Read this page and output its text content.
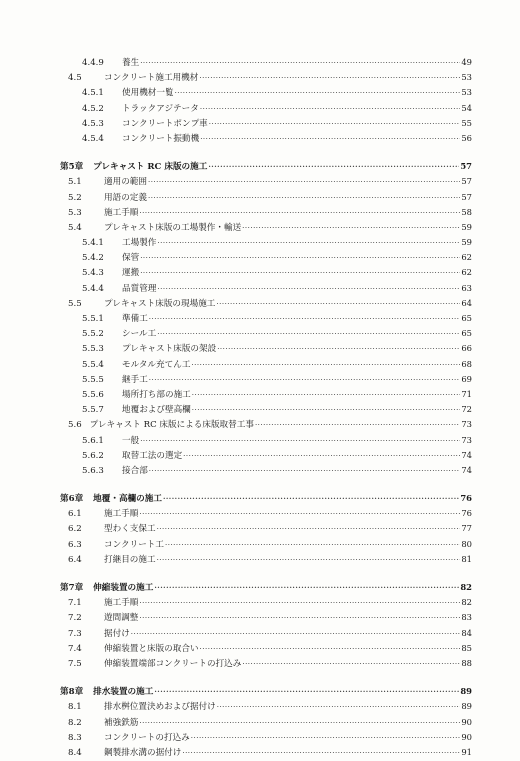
4.4.9	養生 ·····	49
4.5	コンクリート施工用機材 ·····	53
4.5.1	使用機材一覧 ·····	53
4.5.2	トラックアジテータ ·····	54
4.5.3	コンクリートポンプ車 ·····	55
4.5.4	コンクリート振動機 ·····	56
第5章	プレキャスト RC 床版の施工 ·····	57
5.1	適用の範囲 ·····	57
5.2	用語の定義 ·····	57
5.3	施工手順 ·····	58
5.4	プレキャスト床版の工場製作・輸送 ·····	59
5.4.1	工場製作 ·····	59
5.4.2	保管 ·····	62
5.4.3	運搬 ·····	62
5.4.4	品質管理 ·····	63
5.5	プレキャスト床版の現場施工 ·····	64
5.5.1	準備工 ·····	65
5.5.2	シール工 ·····	65
5.5.3	プレキャスト床版の架設 ·····	66
5.5.4	モルタル充てん工 ·····	68
5.5.5	継手工 ·····	69
5.5.6	場所打ち部の施工 ·····	71
5.5.7	地覆および壁高欄 ·····	72
5.6 プレキャスト RC 床版による床版取替工事 ·····	73
5.6.1	一般 ·····	73
5.6.2	取替工法の選定 ·····	74
5.6.3	接合部 ·····	74
第6章	地覆・高欄の施工 ·····	76
6.1	施工手順 ·····	76
6.2	型わく支保工 ·····	77
6.3	コンクリート工 ·····	80
6.4	打継目の施工 ·····	81
第7章	伸縮装置の施工 ·····	82
7.1	施工手順 ·····	82
7.2	遊間調整 ·····	83
7.3	据付け ·····	84
7.4	伸縮装置と床版の取合い ·····	85
7.5	伸縮装置端部コンクリートの打込み ·····	88
第8章	排水装置の施工 ·····	89
8.1	排水桝位置決めおよび据付け ·····	89
8.2	補強鉄筋 ·····	90
8.3	コンクリートの打込み ·····	90
8.4	鋼製排水溝の据付け ·····	91
